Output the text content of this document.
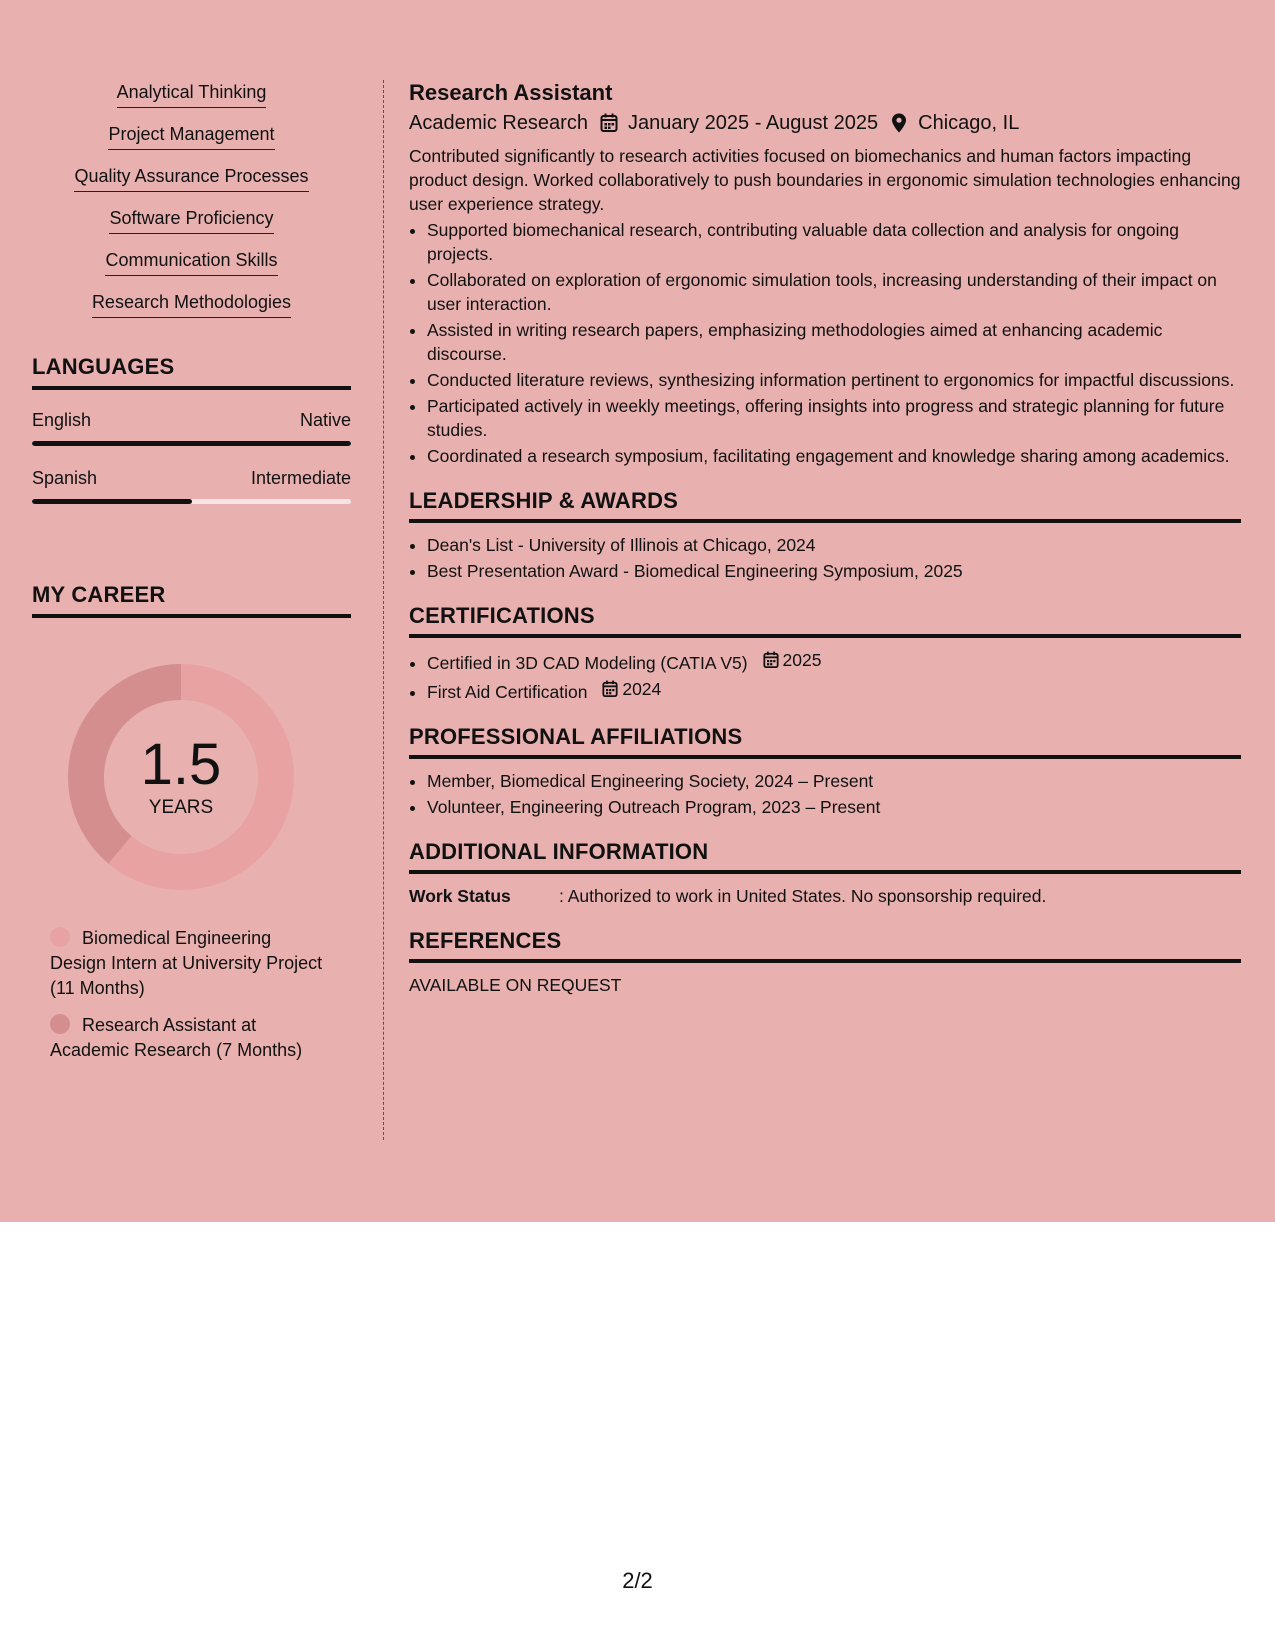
Analytical Thinking
Project Management
Quality Assurance Processes
Software Proficiency
Communication Skills
Research Methodologies
LANGUAGES
English	Native
Spanish	Intermediate
MY CAREER
1.5
YEARS
Biomedical Engineering Design Intern at University Project (11 Months)
Research Assistant at Academic Research (7 Months)
Research Assistant
Academic Research January 2025 - August 2025 Chicago, IL

Contributed significantly to research activities focused on biomechanics and human factors impacting product design. Worked collaboratively to push boundaries in ergonomic simulation technologies enhancing user experience strategy.

• Supported biomechanical research, contributing valuable data collection and analysis for ongoing projects.
• Collaborated on exploration of ergonomic simulation tools, increasing understanding of their impact on user interaction.
• Assisted in writing research papers, emphasizing methodologies aimed at enhancing academic discourse.
• Conducted literature reviews, synthesizing information pertinent to ergonomics for impactful discussions.
• Participated actively in weekly meetings, offering insights into progress and strategic planning for future studies.
• Coordinated a research symposium, facilitating engagement and knowledge sharing among academics.
LEADERSHIP & AWARDS
• Dean's List - University of Illinois at Chicago, 2024
• Best Presentation Award - Biomedical Engineering Symposium, 2025
CERTIFICATIONS
• Certified in 3D CAD Modeling (CATIA V5) 2025
• First Aid Certification 2024
PROFESSIONAL AFFILIATIONS
• Member, Biomedical Engineering Society, 2024 – Present
• Volunteer, Engineering Outreach Program, 2023 – Present
ADDITIONAL INFORMATION
Work Status	: Authorized to work in United States. No sponsorship required.
REFERENCES
AVAILABLE ON REQUEST
2/2
